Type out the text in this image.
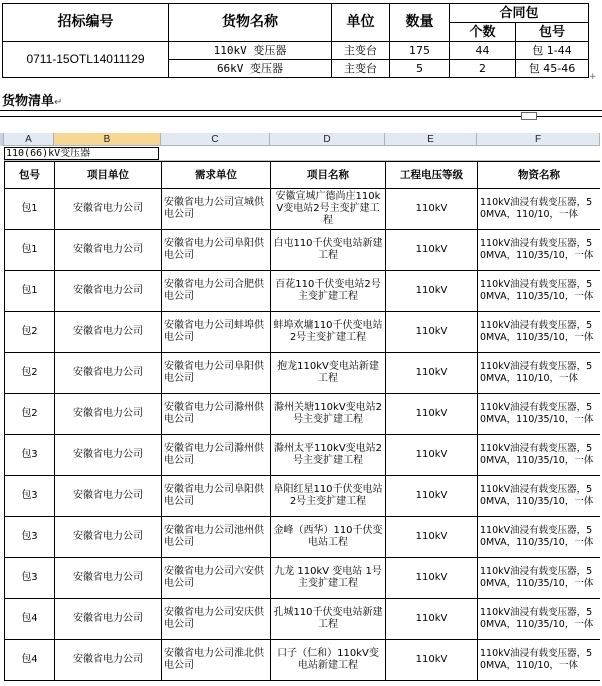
招标编号	货物名称	单位	数量	合同包	
				个数	包号
0711-15OTL14011129	110kV 变压器	主变台	175	44	包 1-44
	66kV 变压器	主变台	5	2	包 45-46
+
货物清单↵
A	B	C	D	E	F
110(66)kV变压器
包号	项目单位	需求单位	项目名称	工程电压等级	物资名称
包1	安徽省电力公司	安徽省电力公司宣城供电公司	安徽宣城广德尚庄110kV变电站2号主变扩建工程	110kV	110kV油浸有载变压器，50MVA，110/10，一体
包1	安徽省电力公司	安徽省电力公司阜阳供电公司	白屯110千伏变电站新建工程	110kV	110kV油浸有载变压器，50MVA，110/35/10，一体
包1	安徽省电力公司	安徽省电力公司合肥供电公司	百花110千伏变电站2号主变扩建工程	110kV	110kV油浸有载变压器，50MVA，110/35/10，一体
包2	安徽省电力公司	安徽省电力公司蚌埠供电公司	蚌埠欢墉110千伏变电站2号主变扩建工程	110kV	110kV油浸有载变压器，50MVA，110/35/10，一体
包2	安徽省电力公司	安徽省电力公司阜阳供电公司	抱龙110kV变电站新建工程	110kV	110kV油浸有载变压器，50MVA，110/10，一体
包2	安徽省电力公司	安徽省电力公司滁州供电公司	滁州关塘110kV变电站2号主变扩建工程	110kV	110kV油浸有载变压器，50MVA，110/35/10，一体
包3	安徽省电力公司	安徽省电力公司滁州供电公司	滁州太平110kV变电站2号主变扩建工程	110kV	110kV油浸有载变压器，50MVA，110/35/10，一体
包3	安徽省电力公司	安徽省电力公司阜阳供电公司	阜阳红星110千伏变电站2号主变扩建工程	110kV	110kV油浸有载变压器，50MVA，110/35/10，一体
包3	安徽省电力公司	安徽省电力公司池州供电公司	金峰（西华）110千伏变电站工程	110kV	110kV油浸有载变压器，50MVA，110/35/10，一体
包3	安徽省电力公司	安徽省电力公司六安供电公司	九龙 110kV 变电站 1号主变扩建工程	110kV	110kV油浸有载变压器，50MVA，110/35/10，一体
包4	安徽省电力公司	安徽省电力公司安庆供电公司	孔城110千伏变电站新建工程	110kV	110kV油浸有载变压器，50MVA，110/35/10，一体
包4	安徽省电力公司	安徽省电力公司淮北供电公司	口子（仁和）110kV变电站新建工程	110kV	110kV油浸有载变压器，50MVA，110/10，一体
